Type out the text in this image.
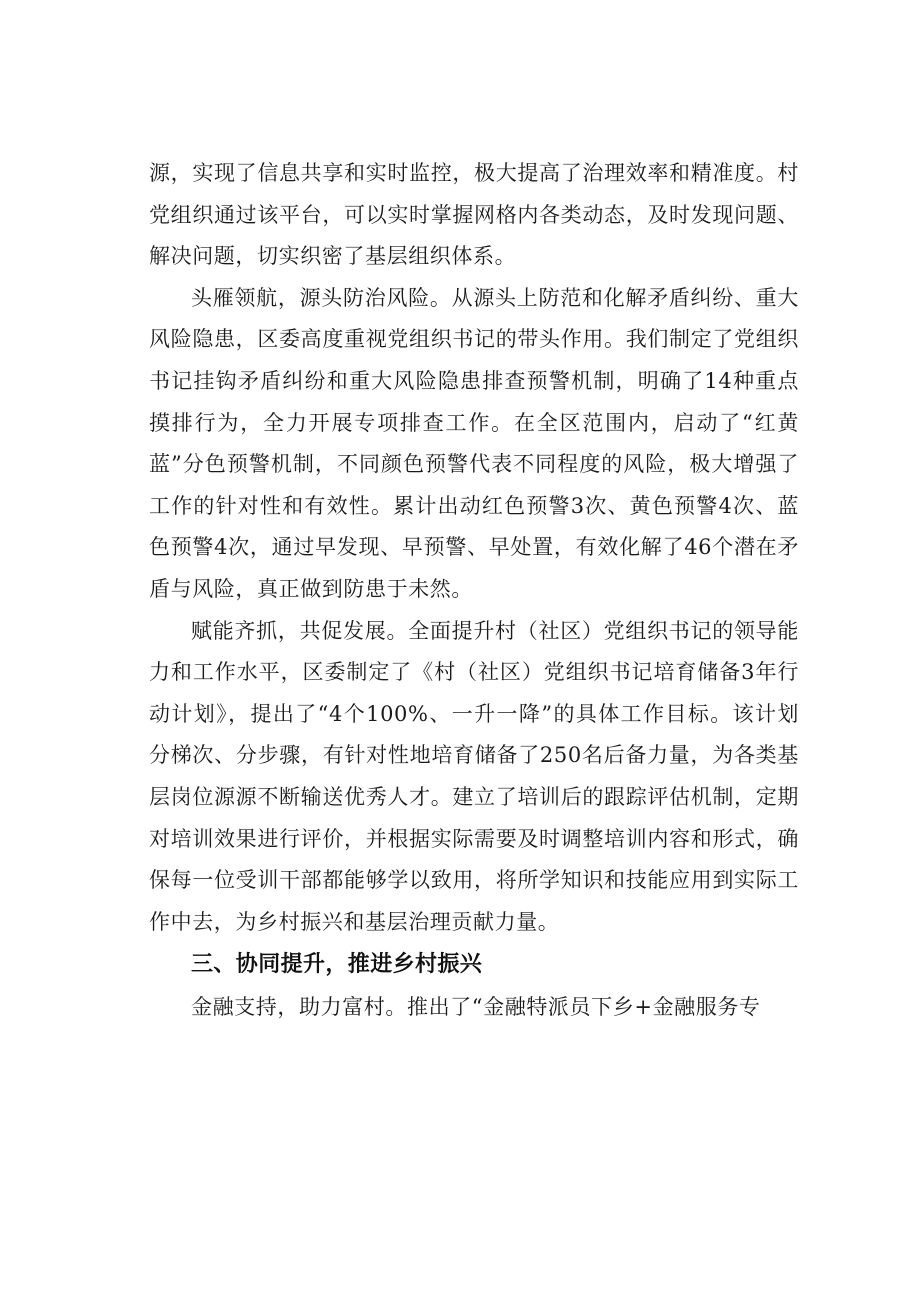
源，实现了信息共享和实时监控，极大提高了治理效率和精准度。村党组织通过该平台，可以实时掌握网格内各类动态，及时发现问题、解决问题，切实织密了基层组织体系。

头雁领航，源头防治风险。从源头上防范和化解矛盾纠纷、重大风险隐患，区委高度重视党组织书记的带头作用。我们制定了党组织书记挂钩矛盾纠纷和重大风险隐患排查预警机制，明确了14种重点摸排行为，全力开展专项排查工作。在全区范围内，启动了“红黄蓝”分色预警机制，不同颜色预警代表不同程度的风险，极大增强了工作的针对性和有效性。累计出动红色预警3次、黄色预警4次、蓝色预警4次，通过早发现、早预警、早处置，有效化解了46个潜在矛盾与风险，真正做到防患于未然。

赋能齐抓，共促发展。全面提升村（社区）党组织书记的领导能力和工作水平，区委制定了《村（社区）党组织书记培育储备3年行动计划》，提出了“4个100%、一升一降”的具体工作目标。该计划分梯次、分步骤，有针对性地培育储备了250名后备力量，为各类基层岗位源源不断输送优秀人才。建立了培训后的跟踪评估机制，定期对培训效果进行评价，并根据实际需要及时调整培训内容和形式，确保每一位受训干部都能够学以致用，将所学知识和技能应用到实际工作中去，为乡村振兴和基层治理贡献力量。

三、协同提升，推进乡村振兴

金融支持，助力富村。推出了“金融特派员下乡+金融服务专
